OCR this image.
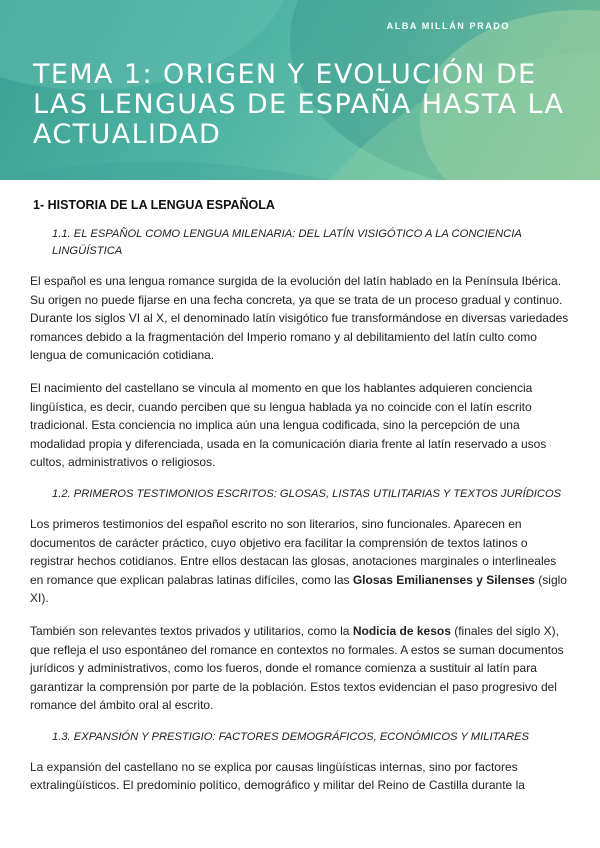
ALBA MILLÁN PRADO
TEMA 1: ORIGEN Y EVOLUCIÓN DE LAS LENGUAS DE ESPAÑA HASTA LA ACTUALIDAD
1- HISTORIA DE LA LENGUA ESPAÑOLA
1.1. EL ESPAÑOL COMO LENGUA MILENARIA: DEL LATÍN VISIGÓTICO A LA CONCIENCIA LINGÜÍSTICA

El español es una lengua romance surgida de la evolución del latín hablado en la Península Ibérica. Su origen no puede fijarse en una fecha concreta, ya que se trata de un proceso gradual y continuo. Durante los siglos VI al X, el denominado latín visigótico fue transformándose en diversas variedades romances debido a la fragmentación del Imperio romano y al debilitamiento del latín culto como lengua de comunicación cotidiana.

El nacimiento del castellano se vincula al momento en que los hablantes adquieren conciencia lingüística, es decir, cuando perciben que su lengua hablada ya no coincide con el latín escrito tradicional. Esta conciencia no implica aún una lengua codificada, sino la percepción de una modalidad propia y diferenciada, usada en la comunicación diaria frente al latín reservado a usos cultos, administrativos o religiosos.

1.2. PRIMEROS TESTIMONIOS ESCRITOS: GLOSAS, LISTAS UTILITARIAS Y TEXTOS JURÍDICOS

Los primeros testimonios del español escrito no son literarios, sino funcionales. Aparecen en documentos de carácter práctico, cuyo objetivo era facilitar la comprensión de textos latinos o registrar hechos cotidianos. Entre ellos destacan las glosas, anotaciones marginales o interlineales en romance que explican palabras latinas difíciles, como las Glosas Emilianenses y Silenses (siglo XI).

También son relevantes textos privados y utilitarios, como la Nodicia de kesos (finales del siglo X), que refleja el uso espontáneo del romance en contextos no formales. A estos se suman documentos jurídicos y administrativos, como los fueros, donde el romance comienza a sustituir al latín para garantizar la comprensión por parte de la población. Estos textos evidencian el paso progresivo del romance del ámbito oral al escrito.

1.3. EXPANSIÓN Y PRESTIGIO: FACTORES DEMOGRÁFICOS, ECONÓMICOS Y MILITARES

La expansión del castellano no se explica por causas lingüísticas internas, sino por factores extralingüísticos. El predominio político, demográfico y militar del Reino de Castilla durante la
